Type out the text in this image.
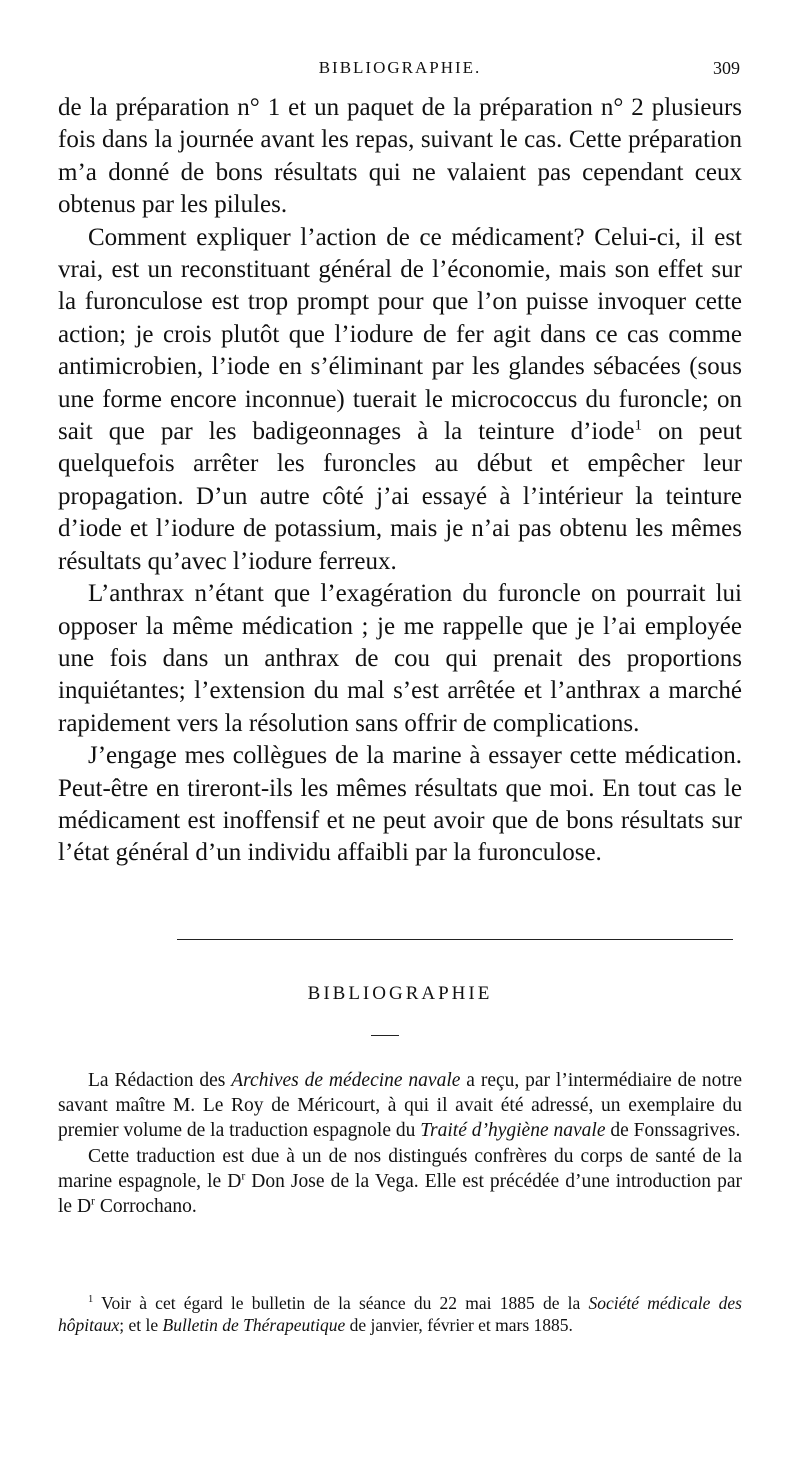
BIBLIOGRAPHIE.	309

de la préparation n° 1 et un paquet de la préparation n° 2 plusieurs fois dans la journée avant les repas, suivant le cas. Cette préparation m’a donné de bons résultats qui ne valaient pas cependant ceux obtenus par les pilules.

Comment expliquer l’action de ce médicament? Celui-ci, il est vrai, est un reconstituant général de l’économie, mais son effet sur la furonculose est trop prompt pour que l’on puisse invoquer cette action; je crois plutôt que l’iodure de fer agit dans ce cas comme antimicrobien, l’iode en s’éliminant par les glandes sébacées (sous une forme encore inconnue) tuerait le micrococcus du furoncle; on sait que par les badigeonnages à la teinture d’iode$^1$ on peut quelquefois arrêter les furoncles au début et empêcher leur propagation. D’un autre côté j’ai essayé à l’intérieur la teinture d’iode et l’iodure de potassium, mais je n’ai pas obtenu les mêmes résultats qu’avec l’iodure ferreux.

L’anthrax n’étant que l’exagération du furoncle on pourrait lui opposer la même médication ; je me rappelle que je l’ai employée une fois dans un anthrax de cou qui prenait des proportions inquiétantes; l’extension du mal s’est arrêtée et l’anthrax a marché rapidement vers la résolution sans offrir de complications.

J’engage mes collègues de la marine à essayer cette médication. Peut-être en tireront-ils les mêmes résultats que moi. En tout cas le médicament est inoffensif et ne peut avoir que de bons résultats sur l’état général d’un individu affaibli par la furonculose.

BIBLIOGRAPHIE

La Rédaction des Archives de médecine navale a reçu, par l’intermédiaire de notre savant maître M. Le Roy de Méricourt, à qui il avait été adressé, un exemplaire du premier volume de la traduction espagnole du Traité d’hygiène navale de Fonssagrives.

Cette traduction est due à un de nos distingués confrères du corps de santé de la marine espagnole, le $D^r$ Don Jose de la Vega. Elle est précédée d’une introduction par le $D^r$ Corrochano.

$^1$ Voir à cet égard le bulletin de la séance du 22 mai 1885 de la Société médicale des hôpitaux; et le Bulletin de Thérapeutique de janvier, février et mars 1885.
